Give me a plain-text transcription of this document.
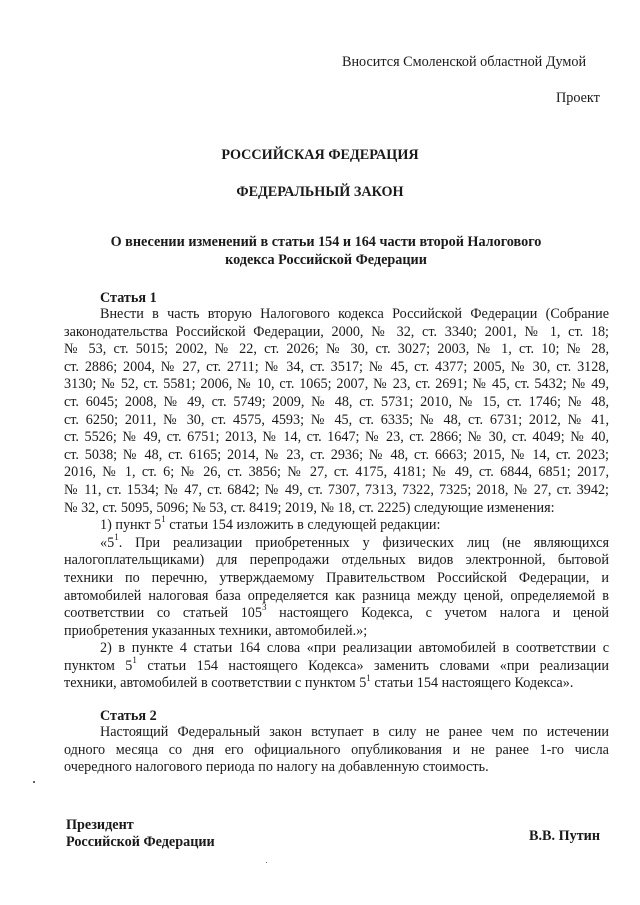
Вносится Смоленской областной Думой
Проект
РОССИЙСКАЯ ФЕДЕРАЦИЯ
ФЕДЕРАЛЬНЫЙ ЗАКОН
О внесении изменений в статьи 154 и 164 части второй Налогового
кодекса Российской Федерации
Статья 1

Внести в часть вторую Налогового кодекса Российской Федерации (Собрание

законодательства Российской Федерации, 2000, № 32, ст. 3340; 2001, № 1, ст. 18;

№ 53, ст. 5015; 2002, № 22, ст. 2026; № 30, ст. 3027; 2003, № 1, ст. 10; № 28,

ст. 2886; 2004, № 27, ст. 2711; № 34, ст. 3517; № 45, ст. 4377; 2005, № 30, ст. 3128,

3130; № 52, ст. 5581; 2006, № 10, ст. 1065; 2007, № 23, ст. 2691; № 45, ст. 5432; № 49,

ст. 6045; 2008, № 49, ст. 5749; 2009, № 48, ст. 5731; 2010, № 15, ст. 1746; № 48,

ст. 6250; 2011, № 30, ст. 4575, 4593; № 45, ст. 6335; № 48, ст. 6731; 2012, № 41,

ст. 5526; № 49, ст. 6751; 2013, № 14, ст. 1647; № 23, ст. 2866; № 30, ст. 4049; № 40,

ст. 5038; № 48, ст. 6165; 2014, № 23, ст. 2936; № 48, ст. 6663; 2015, № 14, ст. 2023;

2016, № 1, ст. 6; № 26, ст. 3856; № 27, ст. 4175, 4181; № 49, ст. 6844, 6851; 2017,

№ 11, ст. 1534; № 47, ст. 6842; № 49, ст. 7307, 7313, 7322, 7325; 2018, № 27, ст. 3942;

№ 32, ст. 5095, 5096; № 53, ст. 8419; 2019, № 18, ст. 2225) следующие изменения:

1) пункт $5^1$ статьи 154 изложить в следующей редакции:

«$5^1$. При реализации приобретенных у физических лиц (не являющихся

налогоплательщиками) для перепродажи отдельных видов электронной, бытовой

техники по перечню, утверждаемому Правительством Российской Федерации, и

автомобилей налоговая база определяется как разница между ценой, определяемой в

соответствии со статьей $105^3$ настоящего Кодекса, с учетом налога и ценой

приобретения указанных техники, автомобилей.»;

2) в пункте 4 статьи 164 слова «при реализации автомобилей в соответствии с

пунктом $5^1$ статьи 154 настоящего Кодекса» заменить словами «при реализации

техники, автомобилей в соответствии с пунктом $5^1$ статьи 154 настоящего Кодекса».

Статья 2

Настоящий Федеральный закон вступает в силу не ранее чем по истечении

одного месяца со дня его официального опубликования и не ранее 1-го числа

очередного налогового периода по налогу на добавленную стоимость.

Президент
Российской Федерации	В.В. Путин
